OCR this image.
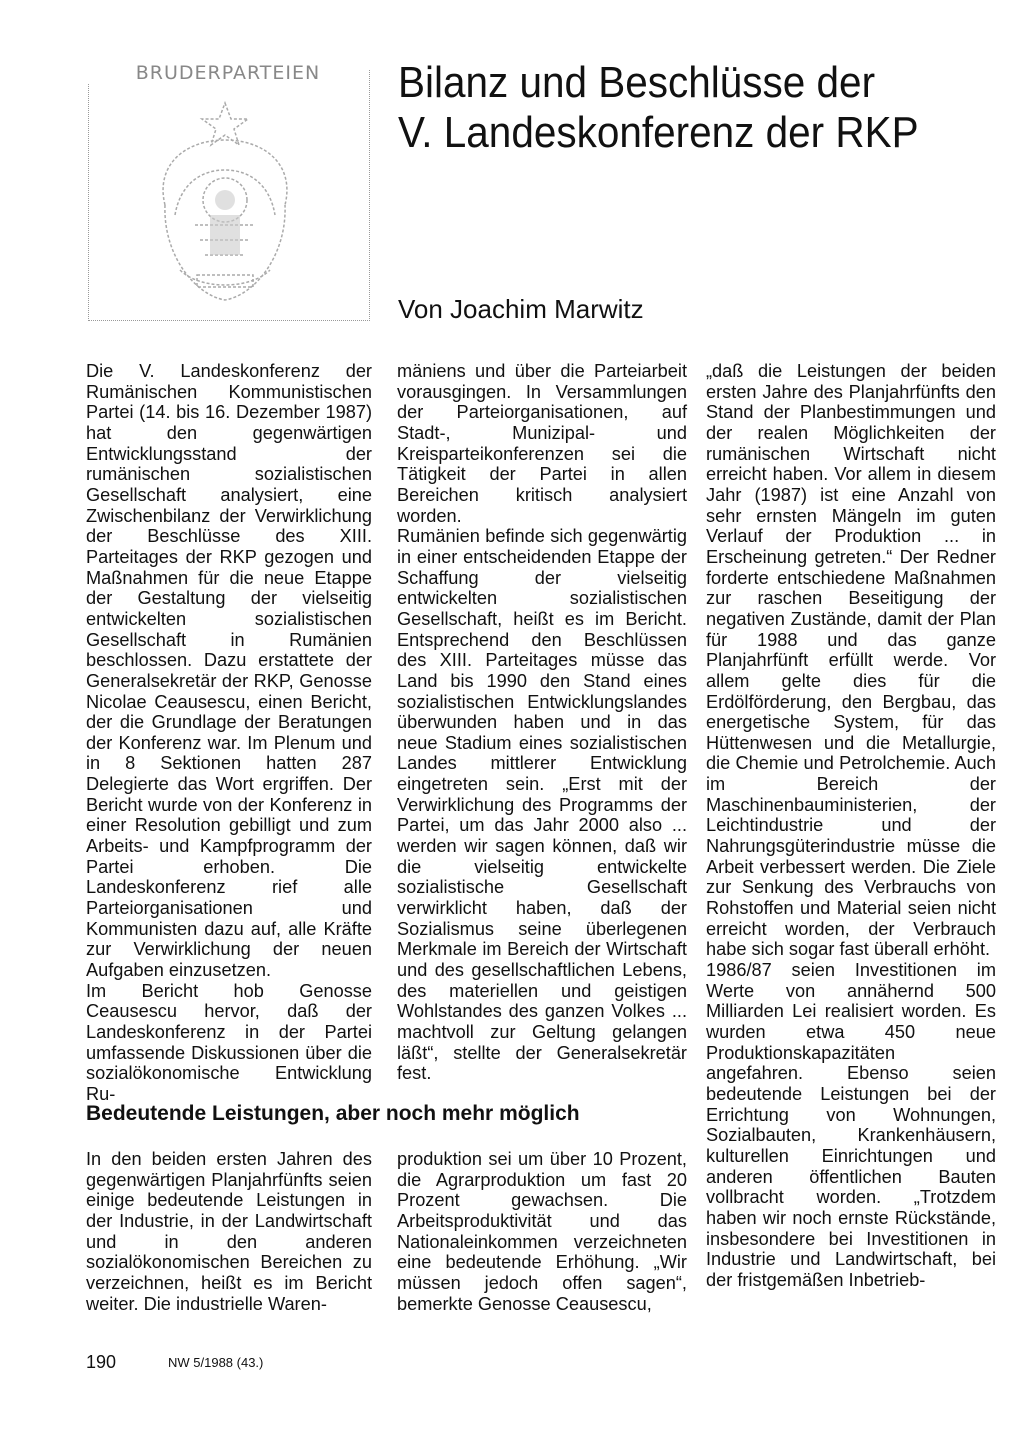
BRUDERPARTEIEN	Bilanz und Beschlüsse der
V. Landeskonferenz der RKP

Von Joachim Marwitz

Die V. Landeskonferenz der Rumänischen Kommunistischen Partei (14. bis 16. Dezember 1987) hat den gegenwärtigen Entwicklungsstand der rumänischen sozialistischen Gesellschaft analysiert, eine Zwischenbilanz der Verwirklichung der Beschlüsse des XIII. Parteitages der RKP gezogen und Maßnahmen für die neue Etappe der Gestaltung der vielseitig entwickelten sozialistischen Gesellschaft in Rumänien beschlossen. Dazu erstattete der Generalsekretär der RKP, Genosse Nicolae Ceausescu, einen Bericht, der die Grundlage der Beratungen der Konferenz war. Im Plenum und in 8 Sektionen hatten 287 Delegierte das Wort ergriffen. Der Bericht wurde von der Konferenz in einer Resolution gebilligt und zum Arbeits- und Kampfprogramm der Partei erhoben. Die Landeskonferenz rief alle Parteiorganisationen und Kommunisten dazu auf, alle Kräfte zur Verwirklichung der neuen Aufgaben einzusetzen.

Im Bericht hob Genosse Ceausescu hervor, daß der Landeskonferenz in der Partei umfassende Diskussionen über die sozialökonomische Entwicklung Ru-

mäniens und über die Parteiarbeit vorausgingen. In Versammlungen der Parteiorganisationen, auf Stadt-, Munizipal- und Kreisparteikonferenzen sei die Tätigkeit der Partei in allen Bereichen kritisch analysiert worden.

Rumänien befinde sich gegenwärtig in einer entscheidenden Etappe der Schaffung der vielseitig entwickelten sozialistischen Gesellschaft, heißt es im Bericht. Entsprechend den Beschlüssen des XIII. Parteitages müsse das Land bis 1990 den Stand eines sozialistischen Entwicklungslandes überwunden haben und in das neue Stadium eines sozialistischen Landes mittlerer Entwicklung eingetreten sein. „Erst mit der Verwirklichung des Programms der Partei, um das Jahr 2000 also ... werden wir sagen können, daß wir die vielseitig entwickelte sozialistische Gesellschaft verwirklicht haben, daß der Sozialismus seine überlegenen Merkmale im Bereich der Wirtschaft und des gesellschaftlichen Lebens, des materiellen und geistigen Wohlstandes des ganzen Volkes ... machtvoll zur Geltung gelangen läßt“, stellte der Generalsekretär fest.

„daß die Leistungen der beiden ersten Jahre des Planjahrfünfts den Stand der Planbestimmungen und der realen Möglichkeiten der rumänischen Wirtschaft nicht erreicht haben. Vor allem in diesem Jahr (1987) ist eine Anzahl von sehr ernsten Mängeln im guten Verlauf der Produktion ... in Erscheinung getreten.“ Der Redner forderte entschiedene Maßnahmen zur raschen Beseitigung der negativen Zustände, damit der Plan für 1988 und das ganze Planjahrfünft erfüllt werde. Vor allem gelte dies für die Erdölförderung, den Bergbau, das energetische System, für das Hüttenwesen und die Metallurgie, die Chemie und Petrolchemie. Auch im Bereich der Maschinenbauministerien, der Leichtindustrie und der Nahrungsgüterindustrie müsse die Arbeit verbessert werden. Die Ziele zur Senkung des Verbrauchs von Rohstoffen und Material seien nicht erreicht worden, der Verbrauch habe sich sogar fast überall erhöht.

1986/87 seien Investitionen im Werte von annähernd 500 Milliarden Lei realisiert worden. Es wurden etwa 450 neue Produktionskapazitäten angefahren. Ebenso seien bedeutende Leistungen bei der Errichtung von Wohnungen, Sozialbauten, Krankenhäusern, kulturellen Einrichtungen und anderen öffentlichen Bauten vollbracht worden. „Trotzdem haben wir noch ernste Rückstände, insbesondere bei Investitionen in Industrie und Landwirtschaft, bei der fristgemäßen Inbetrieb-

Bedeutende Leistungen, aber noch mehr möglich

In den beiden ersten Jahren des gegenwärtigen Planjahrfünfts seien einige bedeutende Leistungen in der Industrie, in der Landwirtschaft und in den anderen sozialökonomischen Bereichen zu verzeichnen, heißt es im Bericht weiter. Die industrielle Waren-

produktion sei um über 10 Prozent, die Agrarproduktion um fast 20 Prozent gewachsen. Die Arbeitsproduktivität und das Nationaleinkommen verzeichneten eine bedeutende Erhöhung. „Wir müssen jedoch offen sagen“, bemerkte Genosse Ceausescu,

190	NW 5/1988 (43.)
